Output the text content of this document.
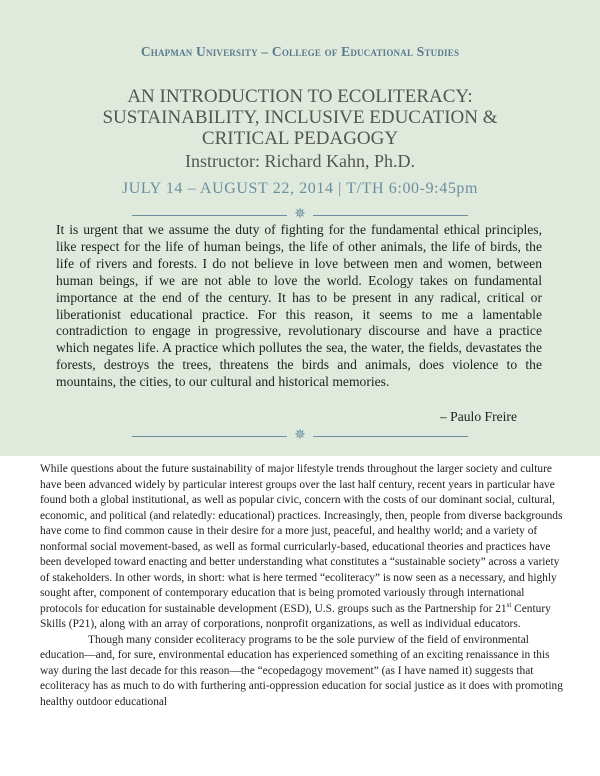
Chapman University – College of Educational Studies
AN INTRODUCTION TO ECOLITERACY:
SUSTAINABILITY, INCLUSIVE EDUCATION &
CRITICAL PEDAGOGY
Instructor: Richard Kahn, Ph.D.
JULY 14 – AUGUST 22, 2014 | T/TH 6:00-9:45pm
✵
It is urgent that we assume the duty of fighting for the fundamental ethical principles, like respect for the life of human beings, the life of other animals, the life of birds, the life of rivers and forests. I do not believe in love between men and women, between human beings, if we are not able to love the world. Ecology takes on fundamental importance at the end of the century. It has to be present in any radical, critical or liberationist educational practice. For this reason, it seems to me a lamentable contradiction to engage in progressive, revolutionary discourse and have a practice which negates life. A practice which pollutes the sea, the water, the fields, devastates the forests, destroys the trees, threatens the birds and animals, does violence to the mountains, the cities, to our cultural and historical memories.
– Paulo Freire
✵

While questions about the future sustainability of major lifestyle trends throughout the larger society and culture have been advanced widely by particular interest groups over the last half century, recent years in particular have found both a global institutional, as well as popular civic, concern with the costs of our dominant social, cultural, economic, and political (and relatedly: educational) practices. Increasingly, then, people from diverse backgrounds have come to find common cause in their desire for a more just, peaceful, and healthy world; and a variety of nonformal social movement-based, as well as formal curricularly-based, educational theories and practices have been developed toward enacting and better understanding what constitutes a “sustainable society” across a variety of stakeholders. In other words, in short: what is here termed “ecoliteracy” is now seen as a necessary, and highly sought after, component of contemporary education that is being promoted variously through international protocols for education for sustainable development (ESD), U.S. groups such as the Partnership for 21st Century Skills (P21), along with an array of corporations, nonprofit organizations, as well as individual educators.

Though many consider ecoliteracy programs to be the sole purview of the field of environmental education—and, for sure, environmental education has experienced something of an exciting renaissance in this way during the last decade for this reason—the “ecopedagogy movement” (as I have named it) suggests that ecoliteracy has as much to do with furthering anti-oppression education for social justice as it does with promoting healthy outdoor educational
